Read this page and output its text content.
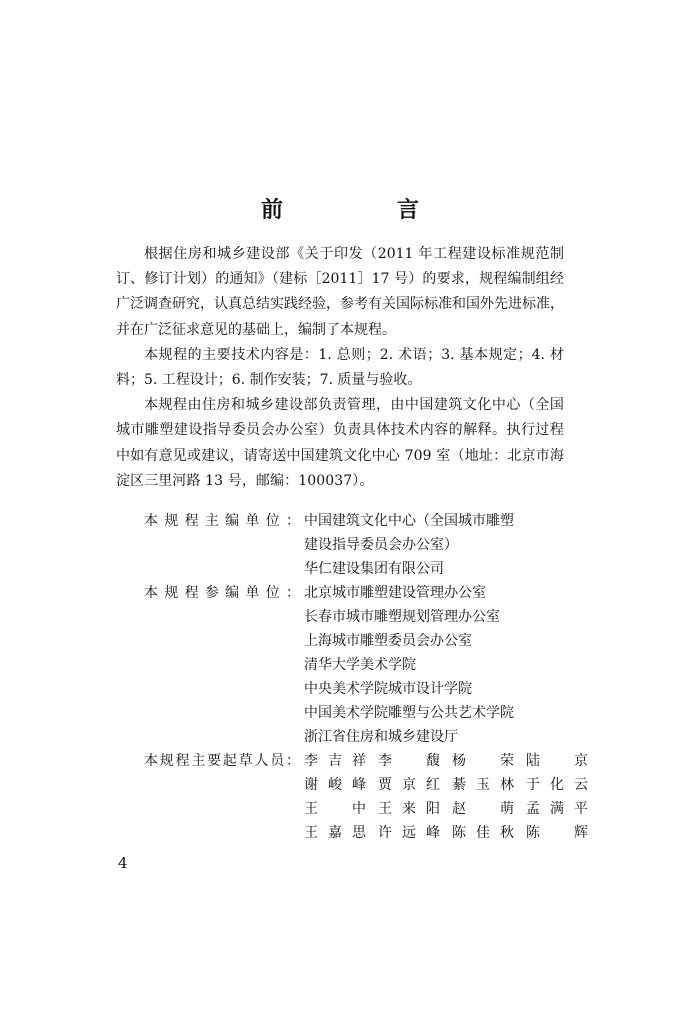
前　言

根据住房和城乡建设部《关于印发（2011 年工程建设标准规范制订、修订计划）的通知》（建标［2011］17 号）的要求，规程编制组经广泛调查研究，认真总结实践经验，参考有关国际标准和国外先进标准，并在广泛征求意见的基础上，编制了本规程。

本规程的主要技术内容是：1. 总则；2. 术语；3. 基本规定；4. 材料；5. 工程设计；6. 制作安装；7. 质量与验收。

本规程由住房和城乡建设部负责管理，由中国建筑文化中心（全国城市雕塑建设指导委员会办公室）负责具体技术内容的解释。执行过程中如有意见或建议，请寄送中国建筑文化中心 709 室（地址：北京市海淀区三里河路 13 号，邮编：100037）。

本规程主编单位： 中国建筑文化中心（全国城市雕塑
建设指导委员会办公室）
华仁建设集团有限公司
本规程参编单位： 北京城市雕塑建设管理办公室
长春市城市雕塑规划管理办公室
上海城市雕塑委员会办公室
清华大学美术学院
中央美术学院城市设计学院
中国美术学院雕塑与公共艺术学院
浙江省住房和城乡建设厅
本规程主要起草人员： 李吉祥 李　馥 杨　荣 陆　京
谢峻峰 贾京红 綦玉林 于化云
王　中 王来阳 赵　萌 孟满平
王嘉思 许远峰 陈佳秋 陈　辉
4
